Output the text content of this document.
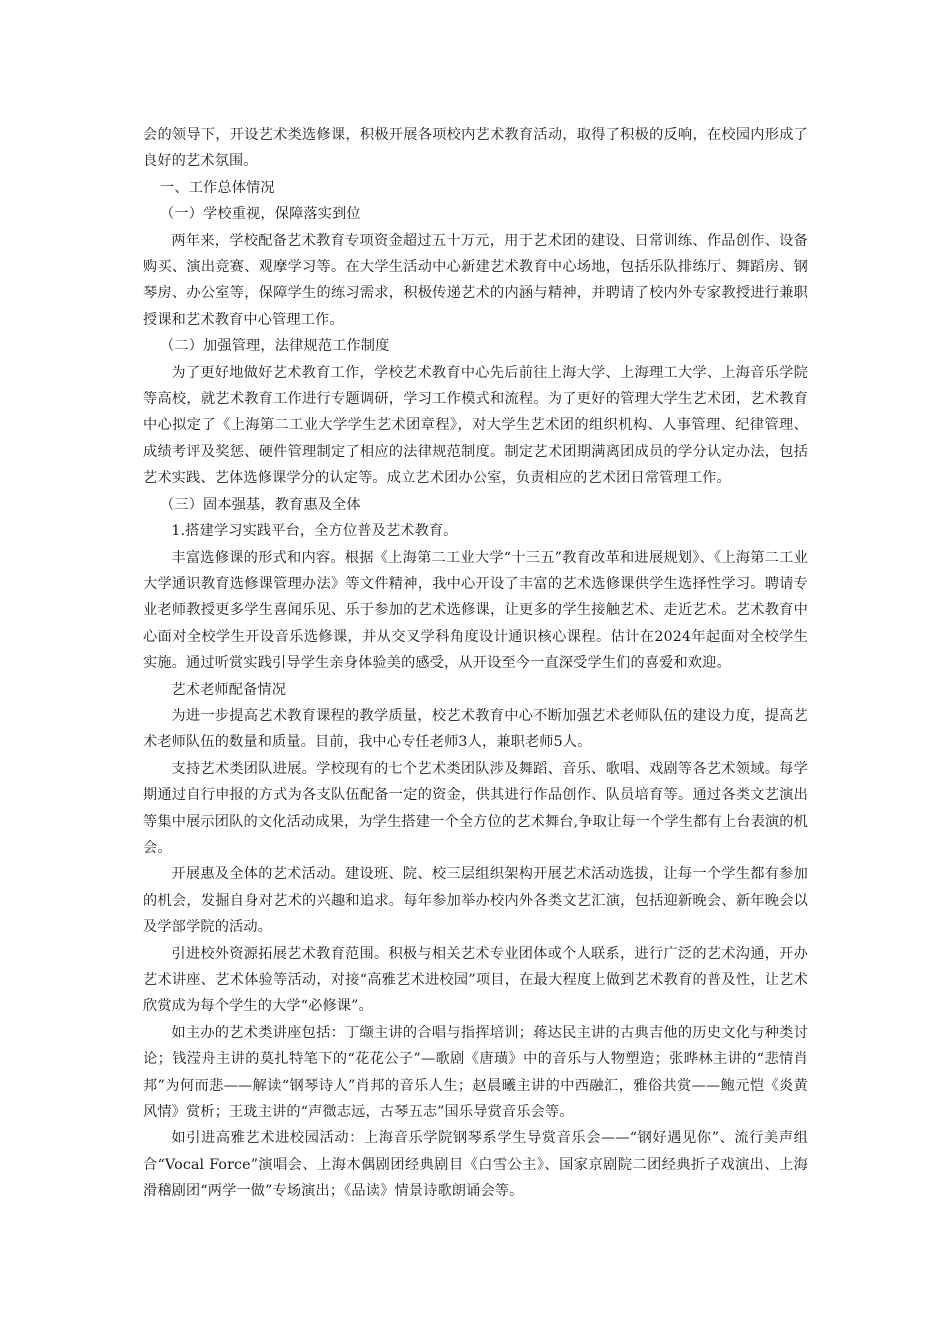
会的领导下，开设艺术类选修课，积极开展各项校内艺术教育活动，取得了积极的反响，在校园内形成了良好的艺术氛围。

一、工作总体情况

（一）学校重视，保障落实到位

两年来，学校配备艺术教育专项资金超过五十万元，用于艺术团的建设、日常训练、作品创作、设备购买、演出竞赛、观摩学习等。在大学生活动中心新建艺术教育中心场地，包括乐队排练厅、舞蹈房、钢琴房、办公室等，保障学生的练习需求，积极传递艺术的内涵与精神，并聘请了校内外专家教授进行兼职授课和艺术教育中心管理工作。

（二）加强管理，法律规范工作制度

为了更好地做好艺术教育工作，学校艺术教育中心先后前往上海大学、上海理工大学、上海音乐学院等高校，就艺术教育工作进行专题调研，学习工作模式和流程。为了更好的管理大学生艺术团，艺术教育中心拟定了《上海第二工业大学学生艺术团章程》，对大学生艺术团的组织机构、人事管理、纪律管理、成绩考评及奖惩、硬件管理制定了相应的法律规范制度。制定艺术团期满离团成员的学分认定办法，包括艺术实践、艺体选修课学分的认定等。成立艺术团办公室，负责相应的艺术团日常管理工作。

（三）固本强基，教育惠及全体

1.搭建学习实践平台，全方位普及艺术教育。

丰富选修课的形式和内容。根据《上海第二工业大学“十三五”教育改革和进展规划》、《上海第二工业大学通识教育选修课管理办法》等文件精神，我中心开设了丰富的艺术选修课供学生选择性学习。聘请专业老师教授更多学生喜闻乐见、乐于参加的艺术选修课，让更多的学生接触艺术、走近艺术。艺术教育中心面对全校学生开设音乐选修课，并从交叉学科角度设计通识核心课程。估计在2024年起面对全校学生实施。通过听赏实践引导学生亲身体验美的感受，从开设至今一直深受学生们的喜爱和欢迎。

艺术老师配备情况

为进一步提高艺术教育课程的教学质量，校艺术教育中心不断加强艺术老师队伍的建设力度，提高艺术老师队伍的数量和质量。目前，我中心专任老师3人，兼职老师5人。

支持艺术类团队进展。学校现有的七个艺术类团队涉及舞蹈、音乐、歌唱、戏剧等各艺术领域。每学期通过自行申报的方式为各支队伍配备一定的资金，供其进行作品创作、队员培育等。通过各类文艺演出等集中展示团队的文化活动成果，为学生搭建一个全方位的艺术舞台,争取让每一个学生都有上台表演的机会。

开展惠及全体的艺术活动。建设班、院、校三层组织架构开展艺术活动选拔，让每一个学生都有参加的机会，发掘自身对艺术的兴趣和追求。每年参加举办校内外各类文艺汇演，包括迎新晚会、新年晚会以及学部学院的活动。

引进校外资源拓展艺术教育范围。积极与相关艺术专业团体或个人联系，进行广泛的艺术沟通，开办艺术讲座、艺术体验等活动，对接“高雅艺术进校园”项目，在最大程度上做到艺术教育的普及性，让艺术欣赏成为每个学生的大学“必修课”。

如主办的艺术类讲座包括：丁缬主讲的合唱与指挥培训；蒋达民主讲的古典吉他的历史文化与种类讨论；钱滢舟主讲的莫扎特笔下的“花花公子”—歌剧《唐璜》中的音乐与人物塑造；张晔林主讲的“悲情肖邦”为何而悲——解读“钢琴诗人”肖邦的音乐人生；赵晨曦主讲的中西融汇，雅俗共赏——鲍元恺《炎黄风情》赏析；王珑主讲的“声微志远，古琴五志”国乐导赏音乐会等。

如引进高雅艺术进校园活动：上海音乐学院钢琴系学生导赏音乐会——“钢好遇见你”、流行美声组合“Vocal Force”演唱会、上海木偶剧团经典剧目《白雪公主》、国家京剧院二团经典折子戏演出、上海滑稽剧团“两学一做”专场演出；《品读》情景诗歌朗诵会等。
